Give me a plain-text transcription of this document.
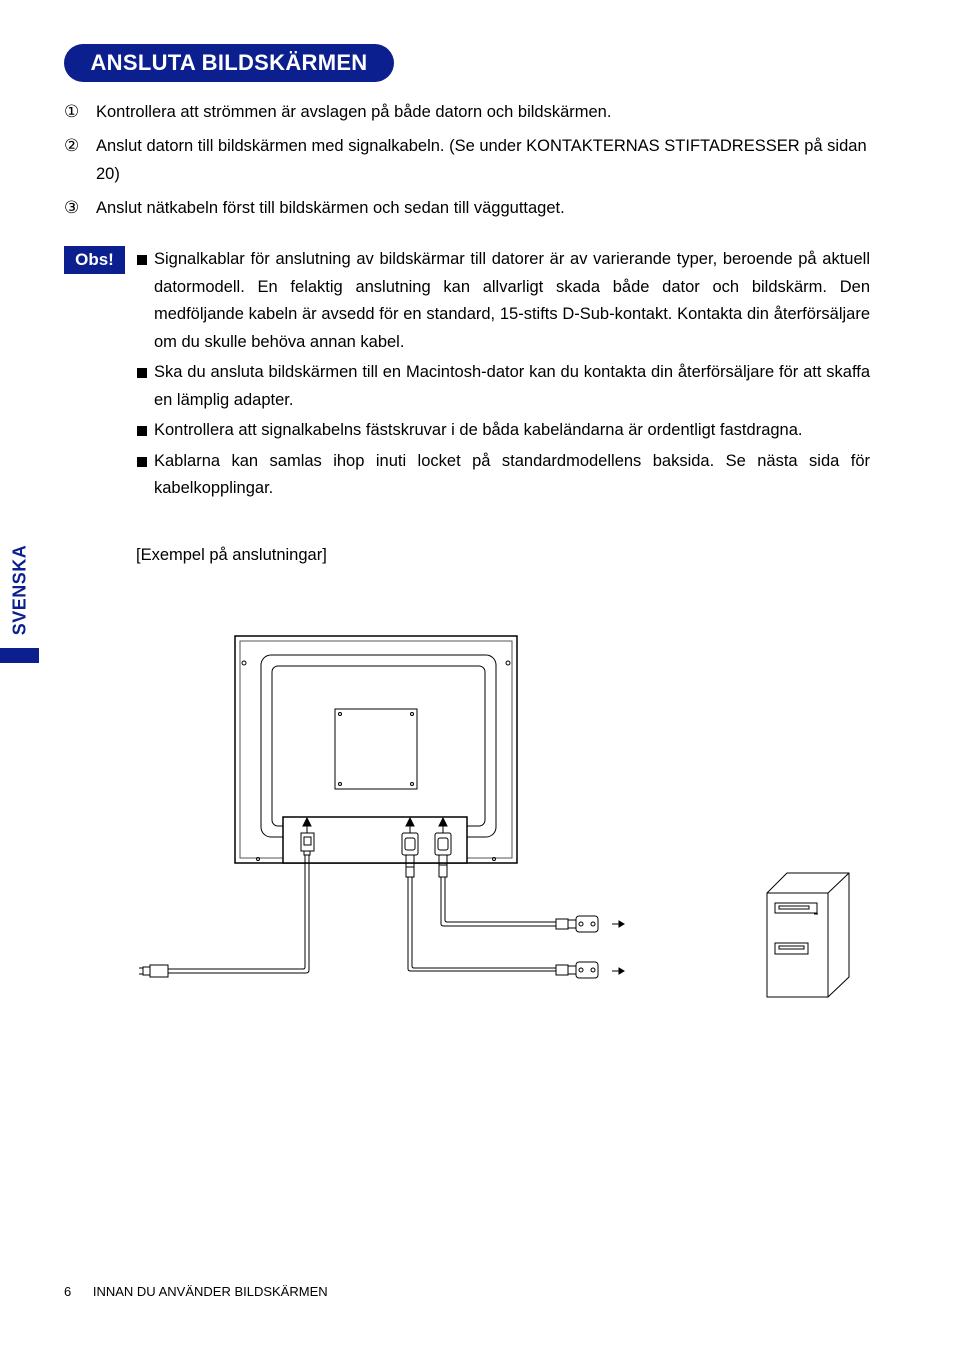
ANSLUTA BILDSKÄRMEN
①	Kontrollera att strömmen är avslagen på både datorn och bildskärmen.
②	Anslut datorn till bildskärmen med signalkabeln. (Se under KONTAKTERNAS STIFTADRESSER på sidan 20)
③	Anslut nätkabeln först till bildskärmen och sedan till vägguttaget.
Obs!	Signalkablar för anslutning av bildskärmar till datorer är av varierande typer, beroende på aktuell datormodell. En felaktig anslutning kan allvarligt skada både dator och bildskärm. Den medföljande kabeln är avsedd för en standard, 15-stifts D-Sub-kontakt. Kontakta din återförsäljare om du skulle behöva annan kabel.
Ska du ansluta bildskärmen till en Macintosh-dator kan du kontakta din återförsäljare för att skaffa en lämplig adapter.
Kontrollera att signalkabelns fästskruvar i de båda kabeländarna är ordentligt fastdragna.
Kablarna kan samlas ihop inuti locket på standardmodellens baksida. Se nästa sida för kabelkopplingar.
SVENSKA	[Exempel på anslutningar]
6 INNAN DU ANVÄNDER BILDSKÄRMEN
